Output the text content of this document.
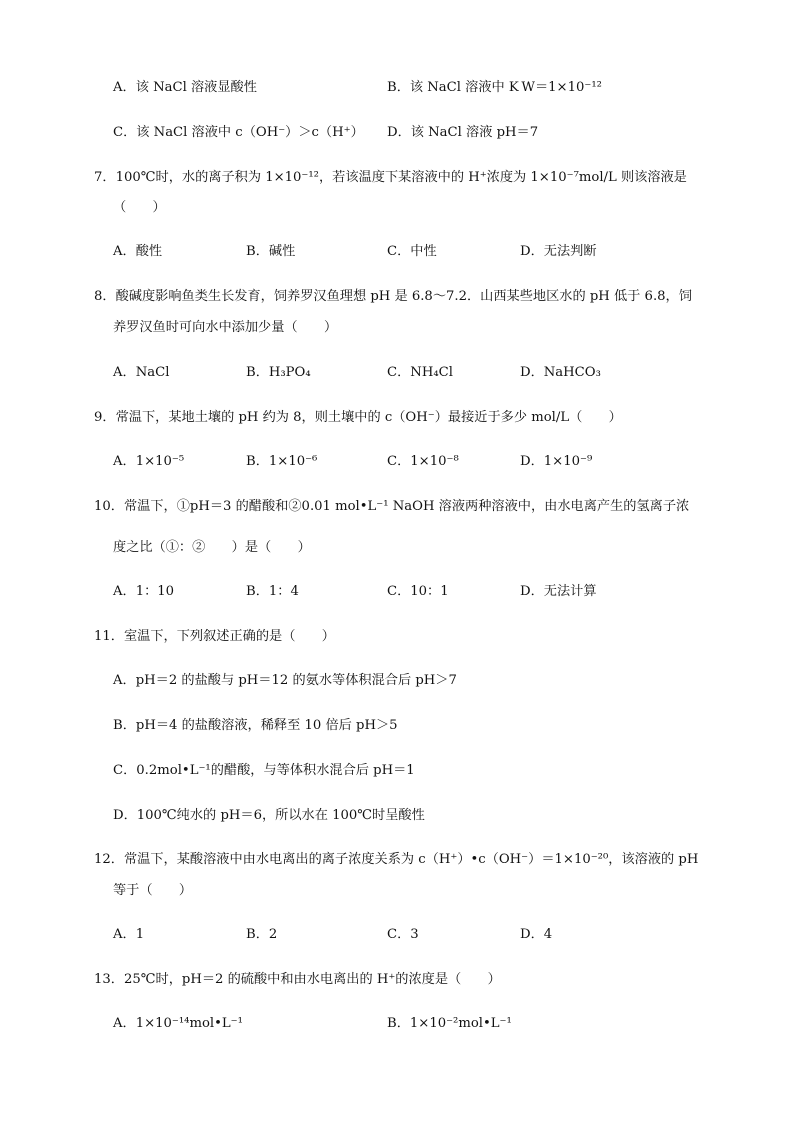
A．该 NaCl 溶液显酸性	B．该 NaCl 溶液中 K W＝1×10⁻¹²
C．该 NaCl 溶液中 c（OH⁻）＞c（H⁺） D．该 NaCl 溶液 pH＝7
7．100℃时，水的离子积为 1×10⁻¹²，若该温度下某溶液中的 H⁺浓度为 1×10⁻⁷mol/L 则该溶液是
（　　）
A．酸性	B．碱性	C．中性	D．无法判断
8．酸碱度影响鱼类生长发育，饲养罗汉鱼理想 pH 是 6.8～7.2．山西某些地区水的 pH 低于 6.8，饲
养罗汉鱼时可向水中添加少量（　　）
A．NaCl	B．H₃PO₄	C．NH₄Cl	D．NaHCO₃
9．常温下，某地土壤的 pH 约为 8，则土壤中的 c（OH⁻）最接近于多少 mol/L（　　）
A．1×10⁻⁵	B．1×10⁻⁶	C．1×10⁻⁸	D．1×10⁻⁹
10．常温下，①pH＝3 的醋酸和②0.01 mol•L⁻¹ NaOH 溶液两种溶液中，由水电离产生的氢离子浓
度之比（①：②　　）是（　　）
A．1：10	B．1：4	C．10：1	D．无法计算
11．室温下，下列叙述正确的是（　　）
A．pH＝2 的盐酸与 pH＝12 的氨水等体积混合后 pH＞7
B．pH＝4 的盐酸溶液，稀释至 10 倍后 pH＞5
C．0.2mol•L⁻¹的醋酸，与等体积水混合后 pH＝1
D．100℃纯水的 pH＝6，所以水在 100℃时呈酸性
12．常温下，某酸溶液中由水电离出的离子浓度关系为 c（H⁺）•c（OH⁻）＝1×10⁻²⁰，该溶液的 pH
等于（　　）
A．1	B．2	C．3	D．4
13．25℃时，pH＝2 的硫酸中和由水电离出的 H⁺的浓度是（　　）
A．1×10⁻¹⁴mol•L⁻¹	B．1×10⁻²mol•L⁻¹
